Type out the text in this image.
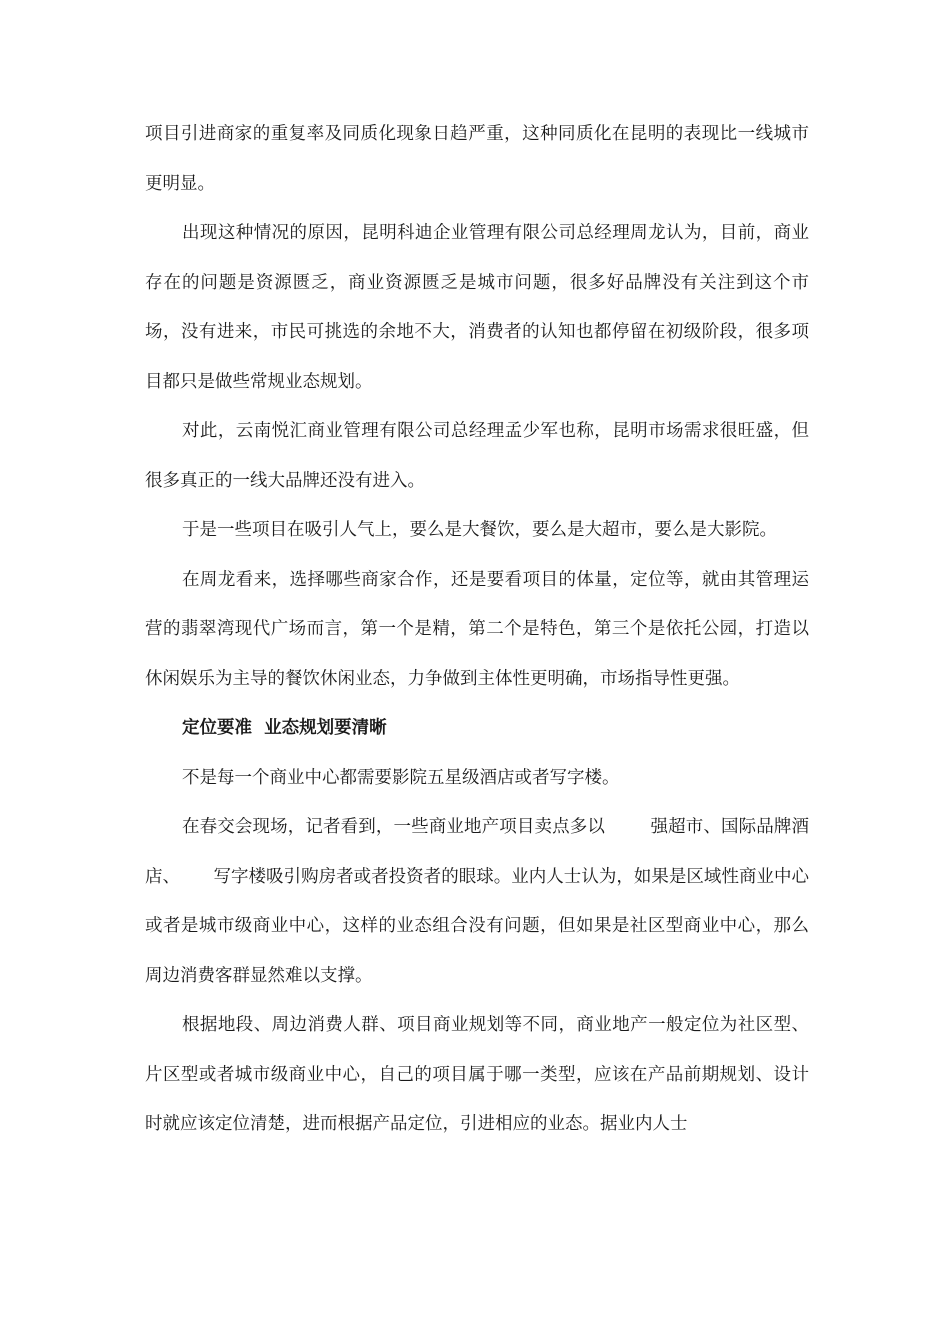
项目引进商家的重复率及同质化现象日趋严重，这种同质化在昆明的表现比一线城市更明显。

出现这种情况的原因，昆明科迪企业管理有限公司总经理周龙认为，目前，商业存在的问题是资源匮乏，商业资源匮乏是城市问题，很多好品牌没有关注到这个市场，没有进来，市民可挑选的余地不大，消费者的认知也都停留在初级阶段，很多项目都只是做些常规业态规划。

对此，云南悦汇商业管理有限公司总经理孟少军也称，昆明市场需求很旺盛，但很多真正的一线大品牌还没有进入。

于是一些项目在吸引人气上，要么是大餐饮，要么是大超市，要么是大影院。

在周龙看来，选择哪些商家合作，还是要看项目的体量，定位等，就由其管理运营的翡翠湾现代广场而言，第一个是精，第二个是特色，第三个是依托公园，打造以休闲娱乐为主导的餐饮休闲业态，力争做到主体性更明确，市场指导性更强。

定位要准  业态规划要清晰

不是每一个商业中心都需要影院五星级酒店或者写字楼。

在春交会现场，记者看到，一些商业地产项目卖点多以        强超市、国际品牌酒店、      写字楼吸引购房者或者投资者的眼球。业内人士认为，如果是区域性商业中心或者是城市级商业中心，这样的业态组合没有问题，但如果是社区型商业中心，那么周边消费客群显然难以支撑。

根据地段、周边消费人群、项目商业规划等不同，商业地产一般定位为社区型、片区型或者城市级商业中心，自己的项目属于哪一类型，应该在产品前期规划、设计时就应该定位清楚，进而根据产品定位，引进相应的业态。据业内人士
